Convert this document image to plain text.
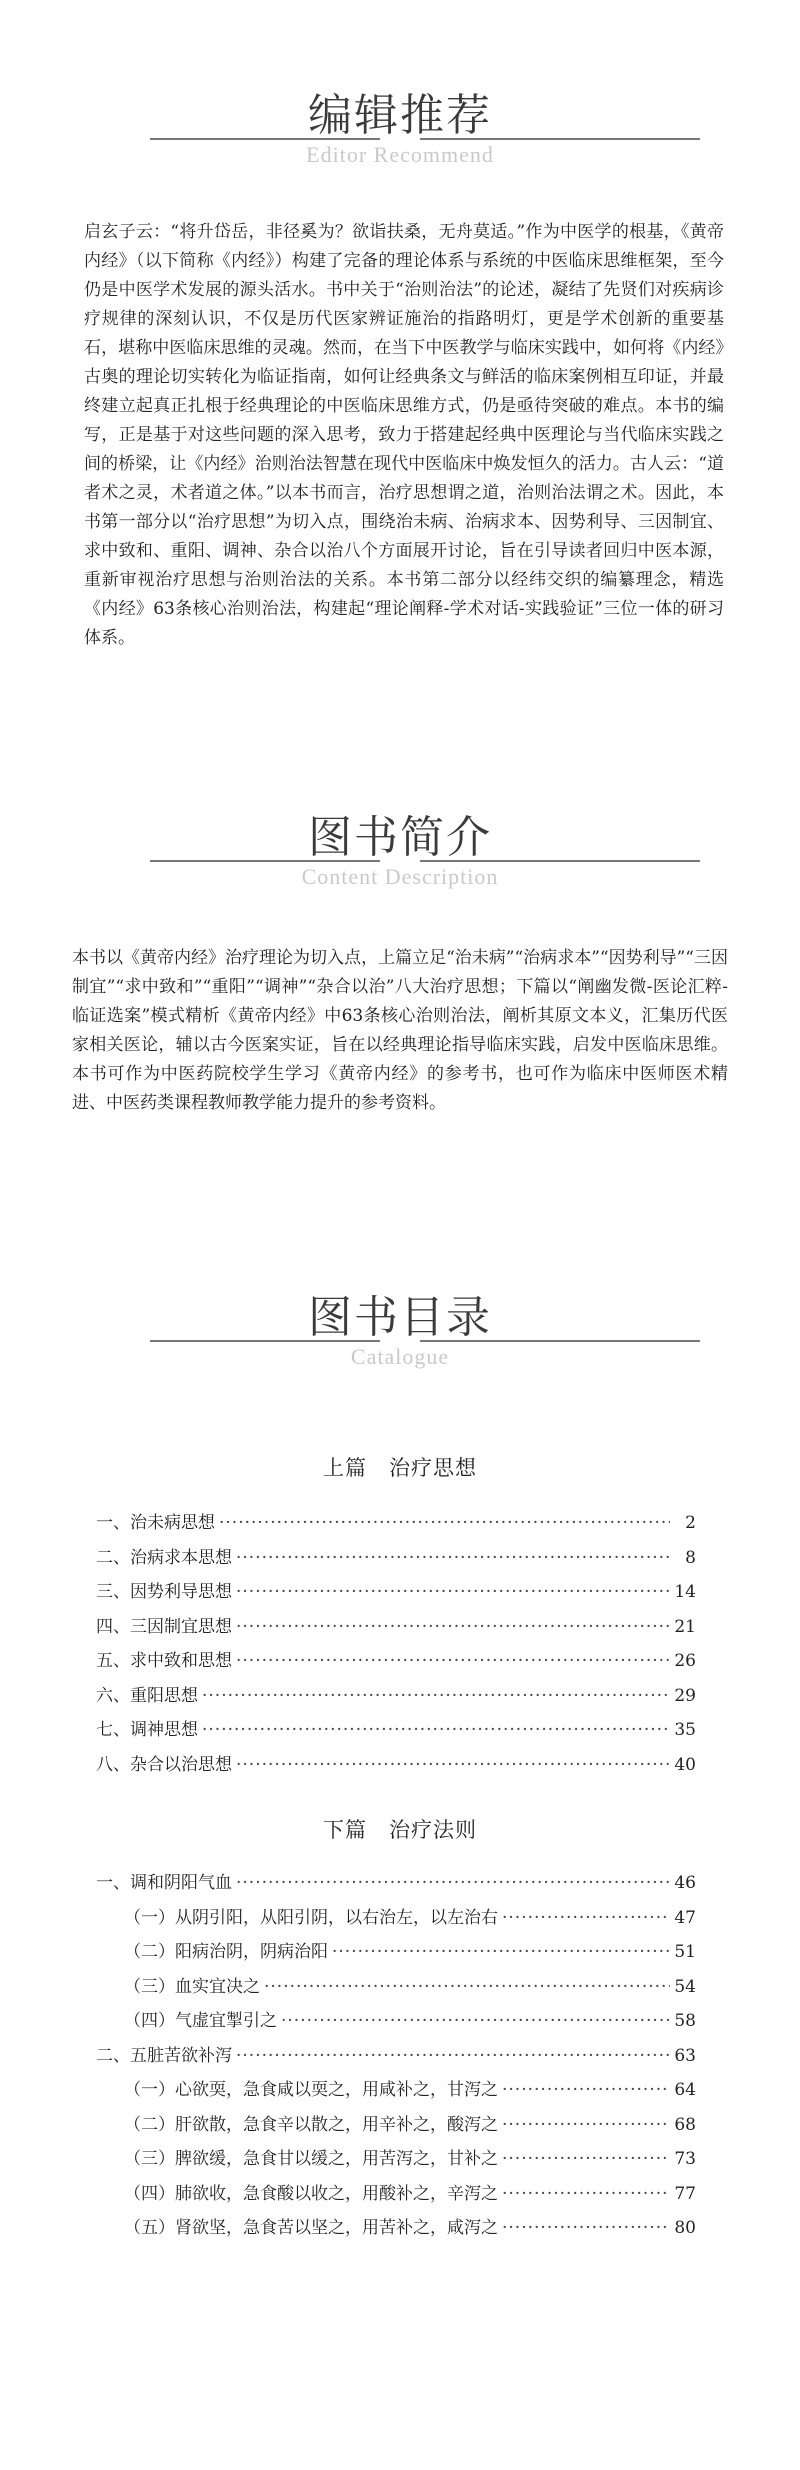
编辑推荐
Editor Recommend
启玄子云：“将升岱岳，非径奚为？欲诣扶桑，无舟莫适。”作为中医学的根基，《黄帝内经》（以下简称《内经》）构建了完备的理论体系与系统的中医临床思维框架，至今仍是中医学术发展的源头活水。书中关于“治则治法”的论述，凝结了先贤们对疾病诊疗规律的深刻认识，不仅是历代医家辨证施治的指路明灯，更是学术创新的重要基石，堪称中医临床思维的灵魂。然而，在当下中医教学与临床实践中，如何将《内经》古奥的理论切实转化为临证指南，如何让经典条文与鲜活的临床案例相互印证，并最终建立起真正扎根于经典理论的中医临床思维方式，仍是亟待突破的难点。本书的编写，正是基于对这些问题的深入思考，致力于搭建起经典中医理论与当代临床实践之间的桥梁，让《内经》治则治法智慧在现代中医临床中焕发恒久的活力。古人云：“道者术之灵，术者道之体。”以本书而言，治疗思想谓之道，治则治法谓之术。因此，本书第一部分以“治疗思想”为切入点，围绕治未病、治病求本、因势利导、三因制宜、求中致和、重阳、调神、杂合以治八个方面展开讨论，旨在引导读者回归中医本源，重新审视治疗思想与治则治法的关系。本书第二部分以经纬交织的编纂理念，精选《内经》63条核心治则治法，构建起“理论阐释-学术对话-实践验证”三位一体的研习体系。
图书简介
Content Description
本书以《黄帝内经》治疗理论为切入点，上篇立足“治未病”“治病求本”“因势利导”“三因制宜”“求中致和”“重阳”“调神”“杂合以治”八大治疗思想；下篇以“阐幽发微-医论汇粹-临证选案”模式精析《黄帝内经》中63条核心治则治法，阐析其原文本义，汇集历代医家相关医论，辅以古今医案实证，旨在以经典理论指导临床实践，启发中医临床思维。本书可作为中医药院校学生学习《黄帝内经》的参考书，也可作为临床中医师医术精进、中医药类课程教师教学能力提升的参考资料。
图书目录
Catalogue
上篇 治疗思想
一、治未病思想 ·····	2
二、治病求本思想 ·····	8
三、因势利导思想 ·····	14
四、三因制宜思想 ·····	21
五、求中致和思想 ·····	26
六、重阳思想 ·····	29
七、调神思想 ·····	35
八、杂合以治思想 ·····	40
下篇 治疗法则
一、调和阴阳气血 ·····	46
（一）从阴引阳，从阳引阴，以右治左，以左治右 ·····	47
（二）阳病治阴，阴病治阳 ·····	51
（三）血实宜决之 ·····	54
（四）气虚宜掣引之 ·····	58
二、五脏苦欲补泻 ·····	63
（一）心欲耎，急食咸以耎之，用咸补之，甘泻之 ·····	64
（二）肝欲散，急食辛以散之，用辛补之，酸泻之 ·····	68
（三）脾欲缓，急食甘以缓之，用苦泻之，甘补之 ·····	73
（四）肺欲收，急食酸以收之，用酸补之，辛泻之 ·····	77
（五）肾欲坚，急食苦以坚之，用苦补之，咸泻之 ·····	80
